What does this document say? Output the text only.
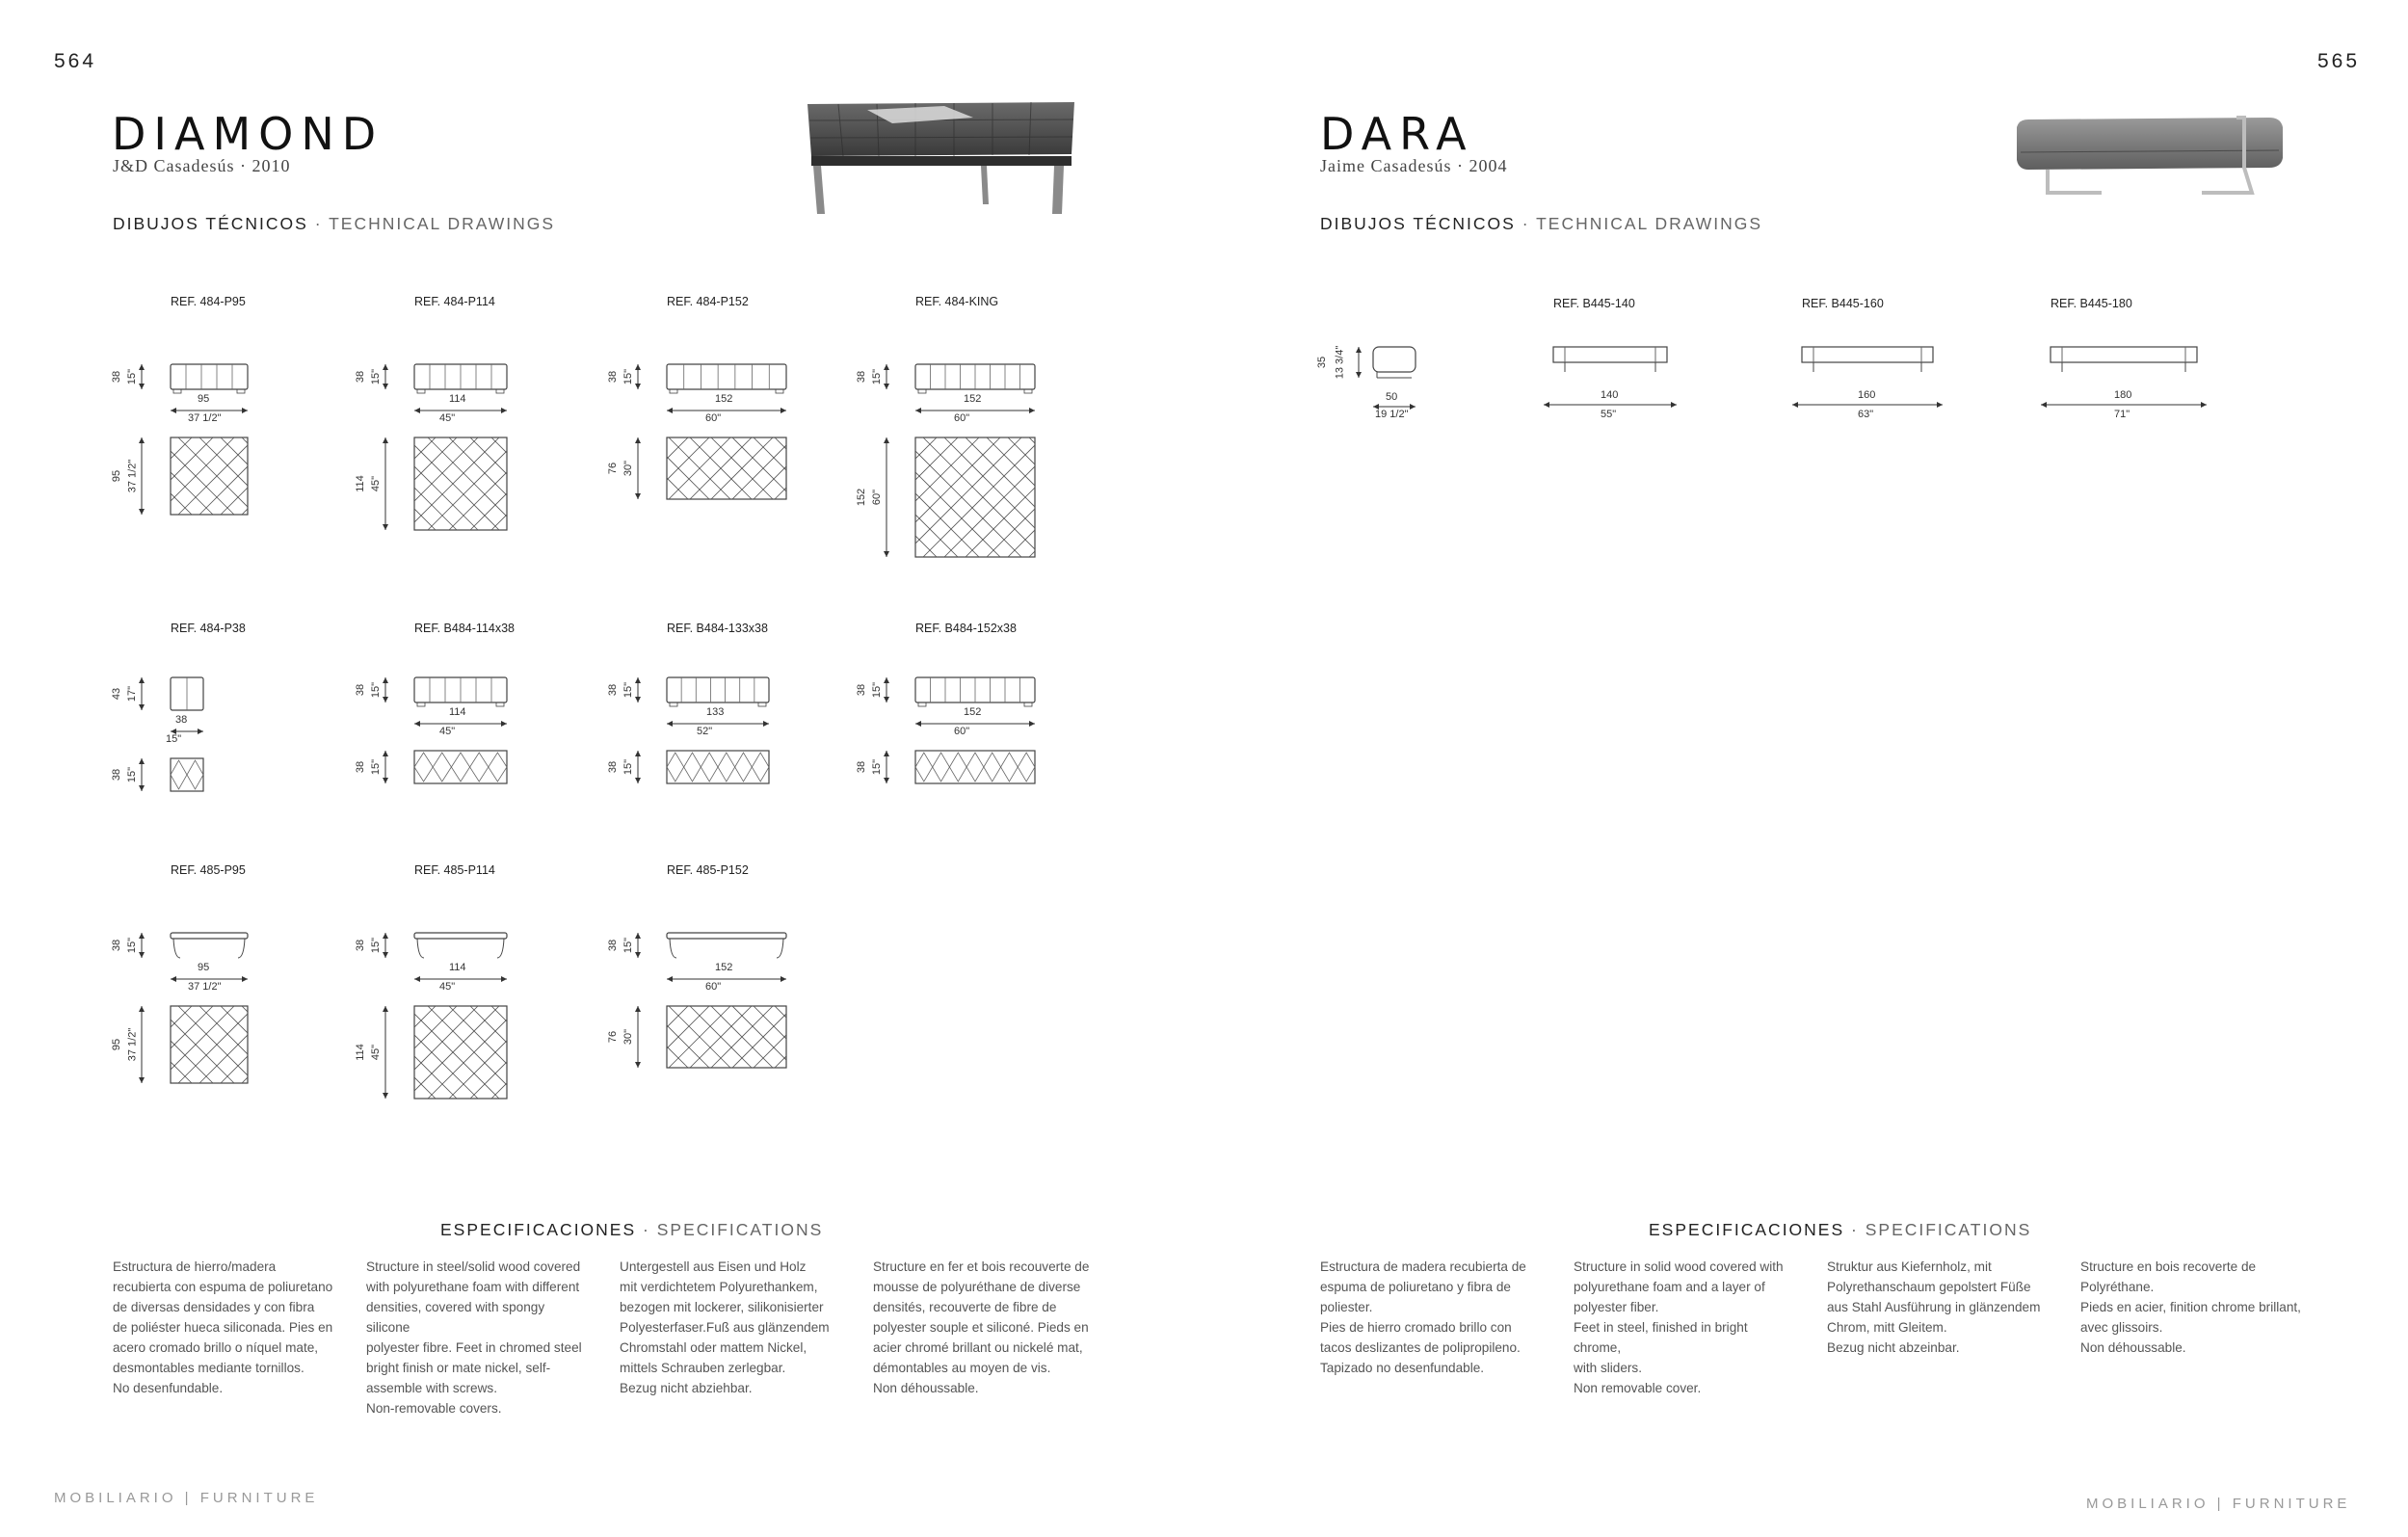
564
DIAMOND
J&D Casadesús · 2010
DIBUJOS TÉCNICOS · TECHNICAL DRAWINGS
REF. 484-P95
38 15"
95
37 1/2"
95 37 1/2"
REF. 484-P114
38 15"
114
45"
114 45"
REF. 484-P152
38 15"
152
60"
76 30"
REF. 484-KING
38 15"
152
60"
152 60"
REF. 484-P38
43 17"
38
15"
38 15"
REF. B484-114x38
38 15"
114
45"
38 15"
REF. B484-133x38
38 15"
133
52"
38 15"
REF. B484-152x38
38 15"
152
60"
38 15"
REF. 485-P95
38 15"
95
37 1/2"
95 37 1/2"
REF. 485-P114
38 15"
114
45"
114 45"
REF. 485-P152
38 15"
152
60"
76 30"
ESPECIFICACIONES · SPECIFICATIONS
Estructura de hierro/madera
recubierta con espuma de poliuretano
de diversas densidades y con fibra
de poliéster hueca siliconada. Pies en
acero cromado brillo o níquel mate,
desmontables mediante tornillos.
No desenfundable.
Structure in steel/solid wood covered
with polyurethane foam with different
densities, covered with spongy silicone
polyester fibre. Feet in chromed steel
bright finish or mate nickel, self-
assemble with screws.
Non-removable covers.
Untergestell aus Eisen und Holz
mit verdichtetem Polyurethankem,
bezogen mit lockerer, silikonisierter
Polyesterfaser.Fuß aus glänzendem
Chromstahl oder mattem Nickel,
mittels Schrauben zerlegbar.
Bezug nicht abziehbar.
Structure en fer et bois recouverte de
mousse de polyuréthane de diverse
densités, recouverte de fibre de
polyester souple et siliconé. Pieds en
acier chromé brillant ou nickelé mat,
démontables au moyen de vis.
Non déhoussable.
MOBILIARIO | FURNITURE
565
DARA
Jaime Casadesús · 2004
DIBUJOS TÉCNICOS · TECHNICAL DRAWINGS
35 13 3/4"
50
19 1/2"
REF. B445-140
140
55"
REF. B445-160
160
63"
REF. B445-180
180
71"
ESPECIFICACIONES · SPECIFICATIONS
Estructura de madera recubierta de
espuma de poliuretano y fibra de
poliester.
Pies de hierro cromado brillo con
tacos deslizantes de polipropileno.
Tapizado no desenfundable.
Structure in solid wood covered with
polyurethane foam and a layer of
polyester fiber.
Feet in steel, finished in bright chrome,
with sliders.
Non removable cover.
Struktur aus Kiefernholz, mit
Polyrethanschaum gepolstert Füße
aus Stahl Ausführung in glänzendem
Chrom, mitt Gleitem.
Bezug nicht abzeinbar.
Structure en bois recoverte de
Polyréthane.
Pieds en acier, finition chrome brillant,
avec glissoirs.
Non déhoussable.
MOBILIARIO | FURNITURE
